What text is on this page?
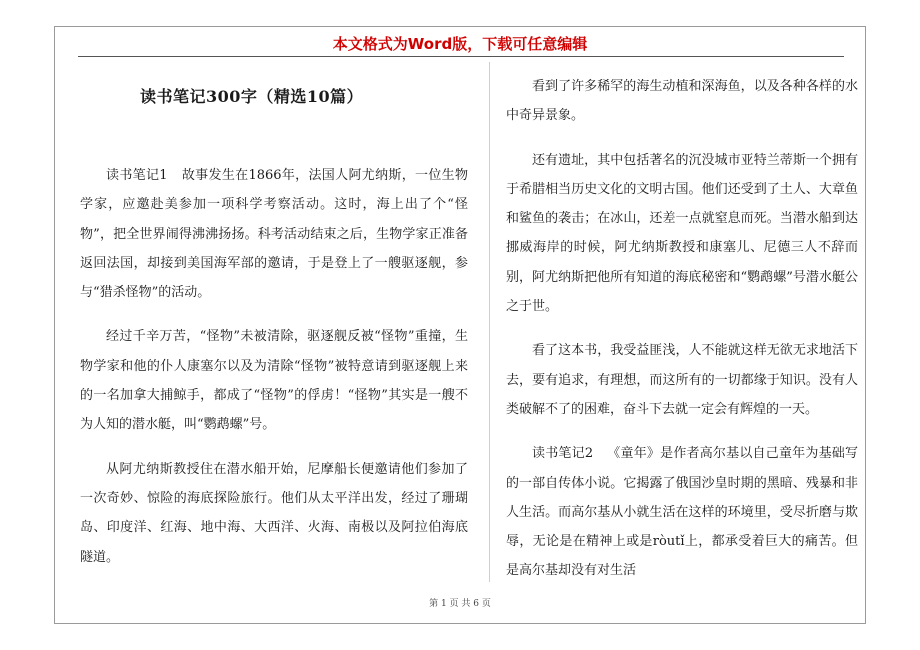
本文格式为Word版，下载可任意编辑
读书笔记300字（精选10篇）

读书笔记1 故事发生在1866年，法国人阿尤纳斯，一位生物学家，应邀赴美参加一项科学考察活动。这时，海上出了个“怪物”，把全世界闹得沸沸扬扬。科考活动结束之后，生物学家正准备返回法国，却接到美国海军部的邀请，于是登上了一艘驱逐舰，参与“猎杀怪物”的活动。

经过千辛万苦，“怪物”未被清除，驱逐舰反被“怪物”重撞，生物学家和他的仆人康塞尔以及为清除“怪物”被特意请到驱逐舰上来的一名加拿大捕鲸手，都成了“怪物”的俘虏！“怪物”其实是一艘不为人知的潜水艇，叫“鹦鹉螺”号。

从阿尤纳斯教授住在潜水船开始，尼摩船长便邀请他们参加了一次奇妙、惊险的海底探险旅行。他们从太平洋出发，经过了珊瑚岛、印度洋、红海、地中海、大西洋、火海、南极以及阿拉伯海底隧道。

看到了许多稀罕的海生动植和深海鱼，以及各种各样的水中奇异景象。

还有遗址，其中包括著名的沉没城市亚特兰蒂斯一个拥有于希腊相当历史文化的文明古国。他们还受到了土人、大章鱼和鲨鱼的袭击；在冰山，还差一点就窒息而死。当潜水船到达挪威海岸的时候，阿尤纳斯教授和康塞儿、尼德三人不辞而别，阿尤纳斯把他所有知道的海底秘密和“鹦鹉螺”号潜水艇公之于世。

看了这本书，我受益匪浅，人不能就这样无欲无求地活下去，要有追求，有理想，而这所有的一切都缘于知识。没有人类破解不了的困难，奋斗下去就一定会有辉煌的一天。

读书笔记2 《童年》是作者高尔基以自己童年为基础写的一部自传体小说。它揭露了俄国沙皇时期的黑暗、残暴和非人生活。而高尔基从小就生活在这样的环境里，受尽折磨与欺辱，无论是在精神上或是ròutǐ上，都承受着巨大的痛苦。但是高尔基却没有对生活

第 1 页 共 6 页
